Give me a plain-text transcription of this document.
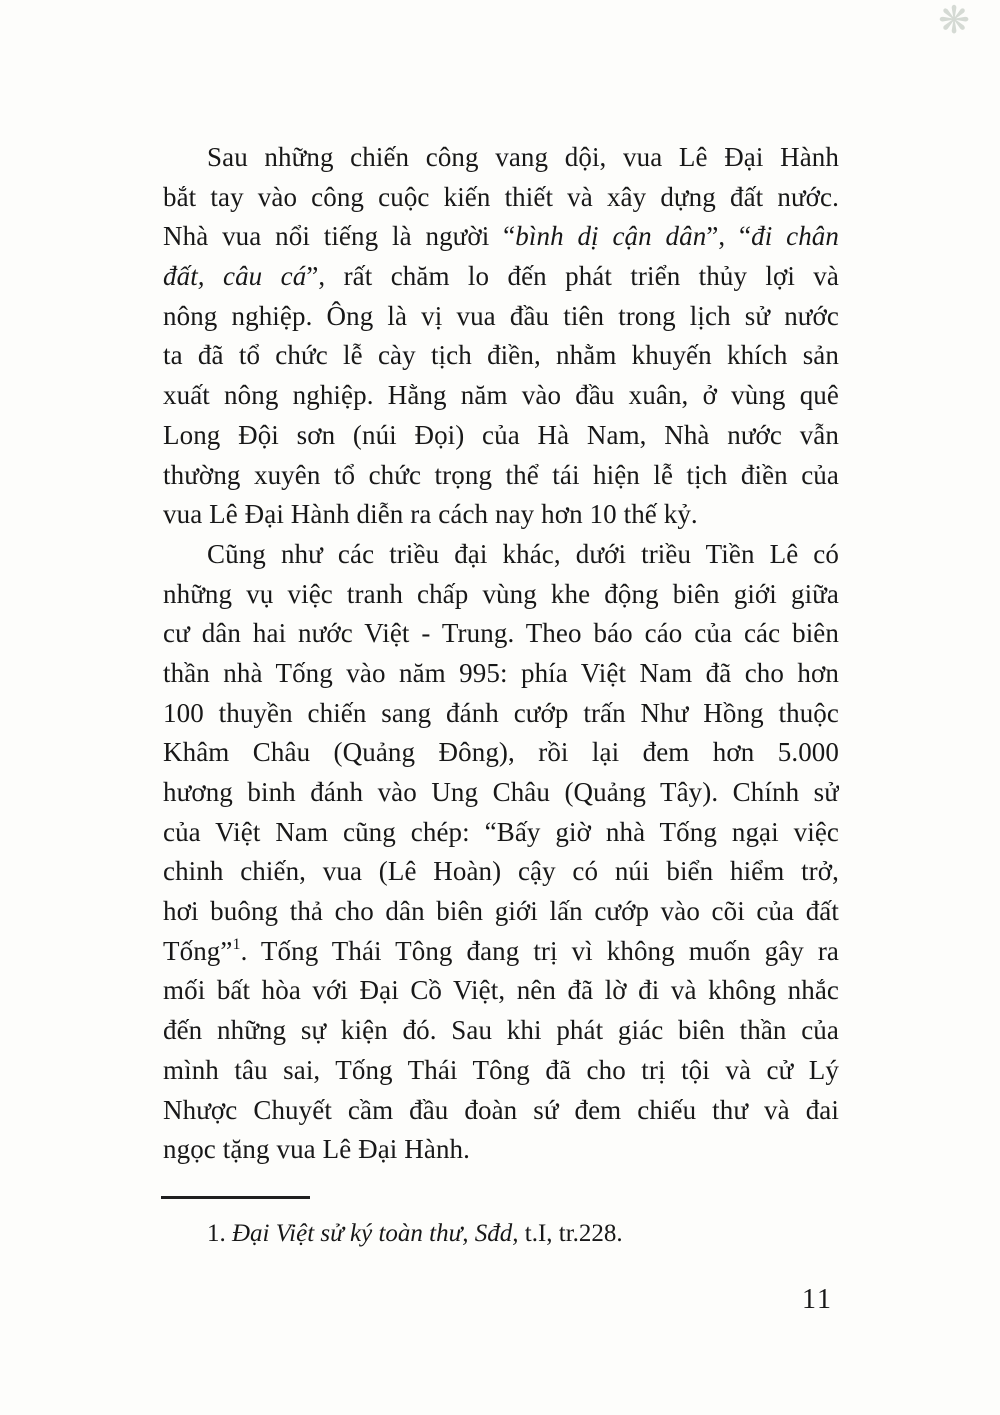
❋
Sau những chiến công vang dội, vua Lê Đại Hành
bắt tay vào công cuộc kiến thiết và xây dựng đất nước.
Nhà vua nổi tiếng là người “bình dị cận dân”, “đi chân
đất, câu cá”, rất chăm lo đến phát triển thủy lợi và
nông nghiệp. Ông là vị vua đầu tiên trong lịch sử nước
ta đã tổ chức lễ cày tịch điền, nhằm khuyến khích sản
xuất nông nghiệp. Hằng năm vào đầu xuân, ở vùng quê
Long Đội sơn (núi Đọi) của Hà Nam, Nhà nước vẫn
thường xuyên tổ chức trọng thể tái hiện lễ tịch điền của
vua Lê Đại Hành diễn ra cách nay hơn 10 thế kỷ.
Cũng như các triều đại khác, dưới triều Tiền Lê có
những vụ việc tranh chấp vùng khe động biên giới giữa
cư dân hai nước Việt - Trung. Theo báo cáo của các biên
thần nhà Tống vào năm 995: phía Việt Nam đã cho hơn
100 thuyền chiến sang đánh cướp trấn Như Hồng thuộc
Khâm Châu (Quảng Đông), rồi lại đem hơn 5.000
hương binh đánh vào Ung Châu (Quảng Tây). Chính sử
của Việt Nam cũng chép: “Bấy giờ nhà Tống ngại việc
chinh chiến, vua (Lê Hoàn) cậy có núi biển hiểm trở,
hơi buông thả cho dân biên giới lấn cướp vào cõi của đất
Tống”$^1$. Tống Thái Tông đang trị vì không muốn gây ra
mối bất hòa với Đại Cồ Việt, nên đã lờ đi và không nhắc
đến những sự kiện đó. Sau khi phát giác biên thần của
mình tâu sai, Tống Thái Tông đã cho trị tội và cử Lý
Nhược Chuyết cầm đầu đoàn sứ đem chiếu thư và đai
ngọc tặng vua Lê Đại Hành.
1. Đại Việt sử ký toàn thư, Sđd, t.I, tr.228.
11
